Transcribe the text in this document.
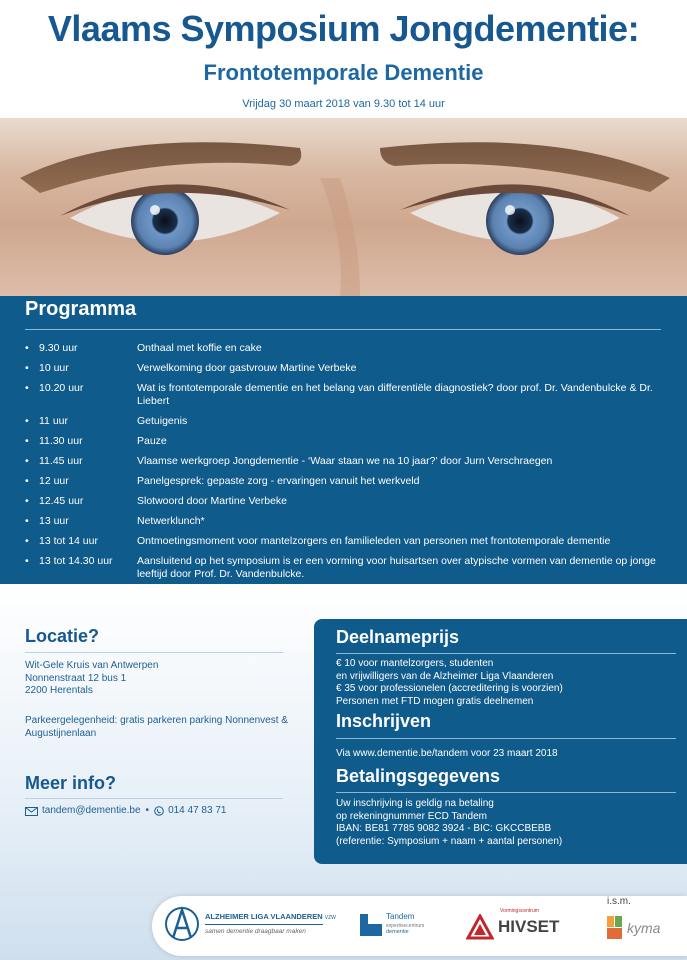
Vlaams Symposium Jongdementie:
Frontotemporale Dementie
Vrijdag 30 maart 2018 van 9.30 tot 14 uur
Programma
• 9.30 uur	Onthaal met koffie en cake
• 10 uur	Verwelkoming door gastvrouw Martine Verbeke
• 10.20 uur	Wat is frontotemporale dementie en het belang van differentiële diagnostiek? door prof. Dr. Vandenbulcke & Dr. Liebert
• 11 uur	Getuigenis
• 11.30 uur	Pauze
• 11.45 uur	Vlaamse werkgroep Jongdementie - ‘Waar staan we na 10 jaar?’ door Jurn Verschraegen
• 12 uur	Panelgesprek: gepaste zorg - ervaringen vanuit het werkveld
• 12.45 uur	Slotwoord door Martine Verbeke
• 13 uur	Netwerklunch*
• 13 tot 14 uur	Ontmoetingsmoment voor mantelzorgers en familieleden van personen met frontotemporale dementie
• 13 tot 14.30 uur Aansluitend op het symposium is er een vorming voor huisartsen over atypische vormen van dementie op jonge leeftijd door Prof. Dr. Vandenbulcke.
Locatie?
Wit-Gele Kruis van Antwerpen
Nonnenstraat 12 bus 1
2200 Herentals
Parkeergelegenheid: gratis parkeren parking Nonnenvest &
Augustijnenlaan
Meer info?
tandem@dementie.be • 014 47 83 71
Deelnameprijs
€ 10 voor mantelzorgers, studenten
en vrijwilligers van de Alzheimer Liga Vlaanderen
€ 35 voor professionelen (accreditering is voorzien)
Personen met FTD mogen gratis deelnemen
Inschrijven
Via www.dementie.be/tandem voor 23 maart 2018
Betalingsgegevens
Uw inschrijving is geldig na betaling
op rekeningnummer ECD Tandem
IBAN: BE81 7785 9082 3924 - BIC: GKCCBEBB
(referentie: Symposium + naam + aantal personen)
i.s.m.
ALZHEIMER LIGA VLAANDEREN VZW
samen dementie draagbaar maken
Tandem
expertisecentrum
dementie
Vormingscentrum
HIVSET	kyma
